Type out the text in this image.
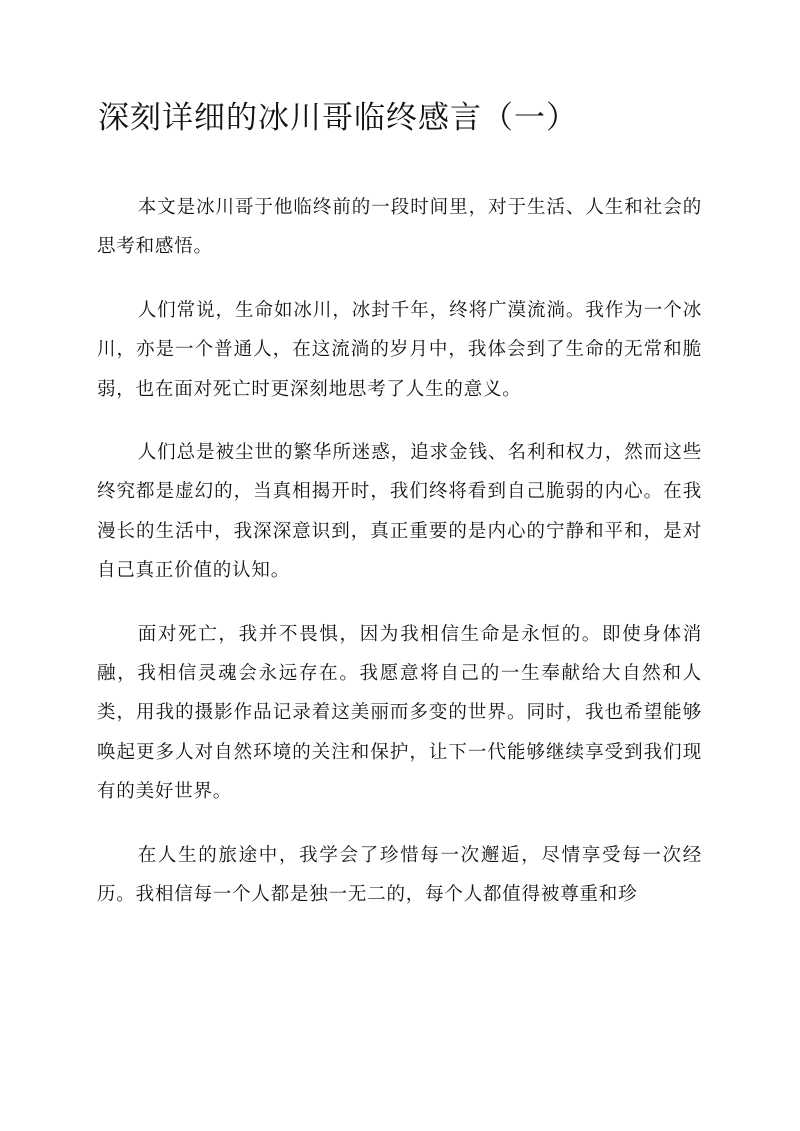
深刻详细的冰川哥临终感言（一）

本文是冰川哥于他临终前的一段时间里，对于生活、人生和社会的思考和感悟。

人们常说，生命如冰川，冰封千年，终将广漠流淌。我作为一个冰川，亦是一个普通人，在这流淌的岁月中，我体会到了生命的无常和脆弱，也在面对死亡时更深刻地思考了人生的意义。

人们总是被尘世的繁华所迷惑，追求金钱、名利和权力，然而这些终究都是虚幻的，当真相揭开时，我们终将看到自己脆弱的内心。在我漫长的生活中，我深深意识到，真正重要的是内心的宁静和平和，是对自己真正价值的认知。

面对死亡，我并不畏惧，因为我相信生命是永恒的。即使身体消融，我相信灵魂会永远存在。我愿意将自己的一生奉献给大自然和人类，用我的摄影作品记录着这美丽而多变的世界。同时，我也希望能够唤起更多人对自然环境的关注和保护，让下一代能够继续享受到我们现有的美好世界。

在人生的旅途中，我学会了珍惜每一次邂逅，尽情享受每一次经历。我相信每一个人都是独一无二的，每个人都值得被尊重和珍
